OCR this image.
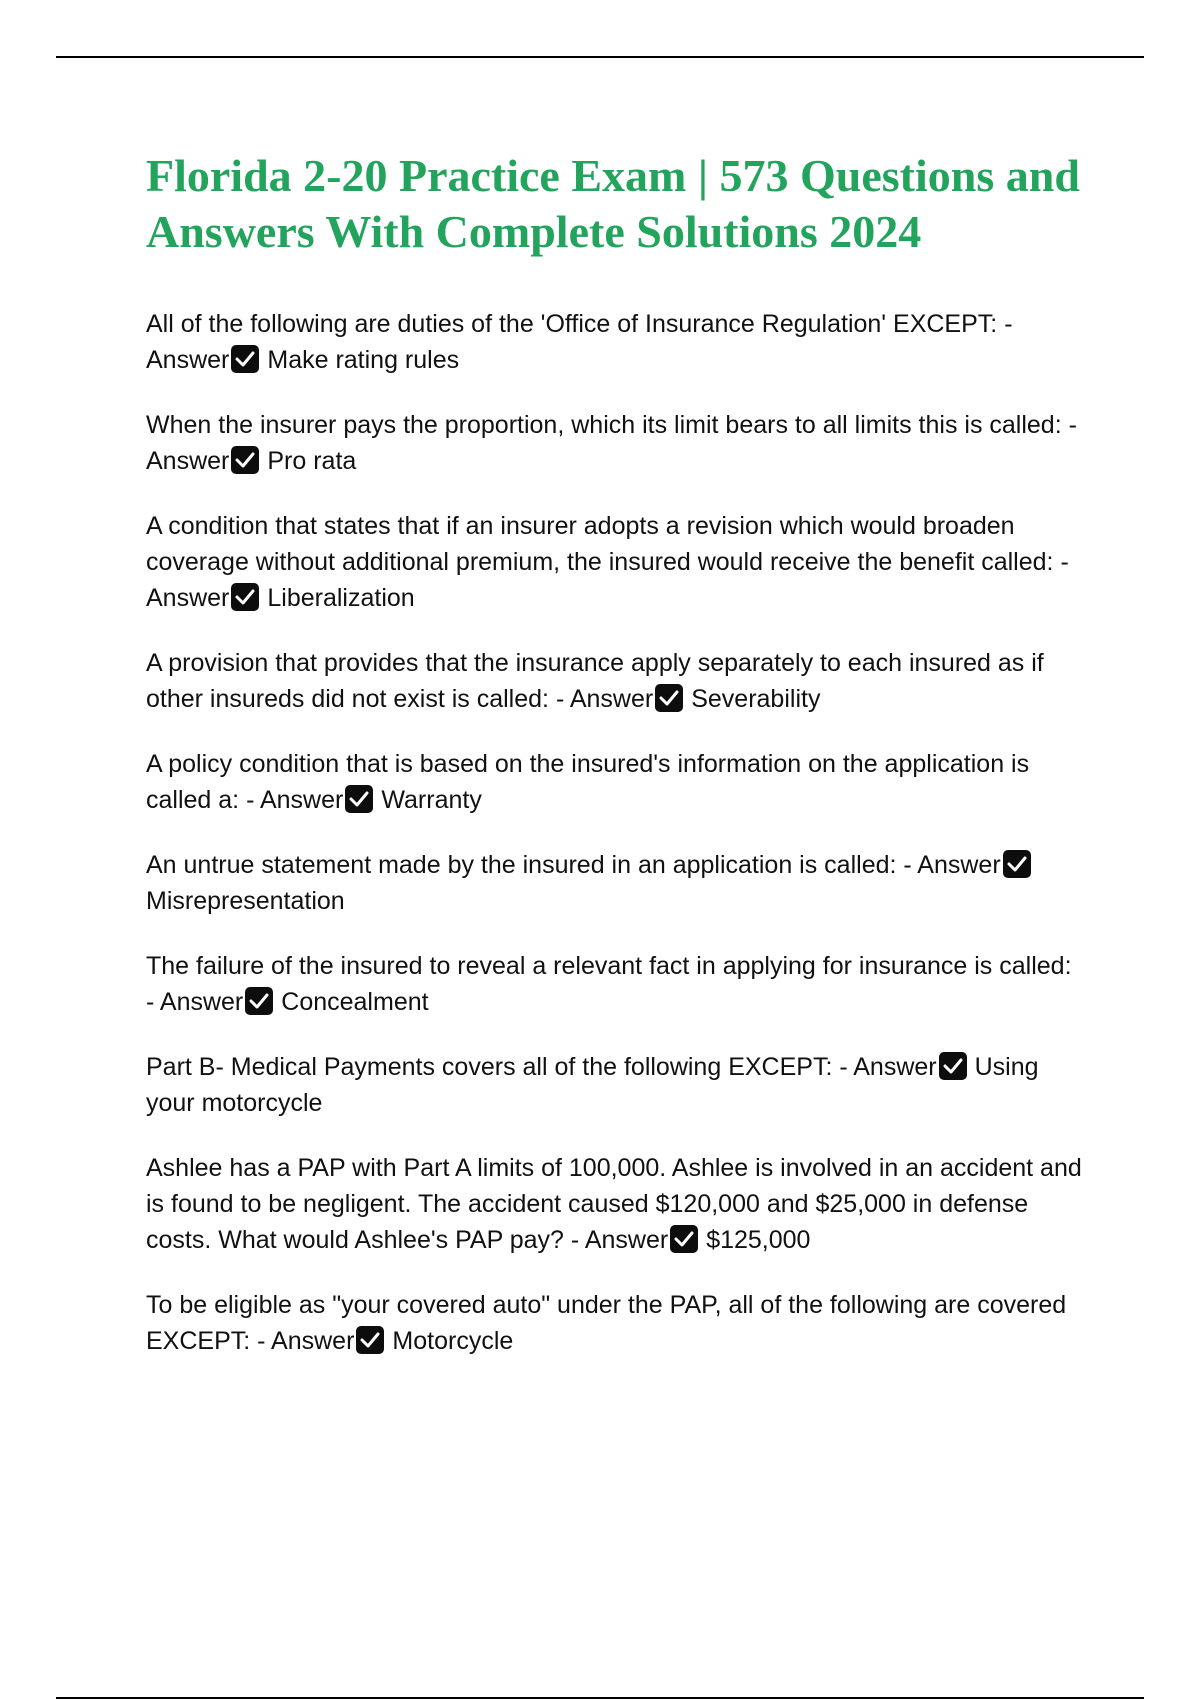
Florida 2-20 Practice Exam | 573 Questions and Answers With Complete Solutions 2024

All of the following are duties of the 'Office of Insurance Regulation' EXCEPT: - Answer Make rating rules

When the insurer pays the proportion, which its limit bears to all limits this is called: - Answer Pro rata

A condition that states that if an insurer adopts a revision which would broaden coverage without additional premium, the insured would receive the benefit called: - Answer Liberalization

A provision that provides that the insurance apply separately to each insured as if other insureds did not exist is called: - Answer Severability

A policy condition that is based on the insured's information on the application is called a: - Answer Warranty

An untrue statement made by the insured in an application is called: - Answer
Misrepresentation

The failure of the insured to reveal a relevant fact in applying for insurance is called: - Answer Concealment

Part B- Medical Payments covers all of the following EXCEPT: - Answer Using your motorcycle

Ashlee has a PAP with Part A limits of 100,000. Ashlee is involved in an accident and is found to be negligent. The accident caused $120,000 and $25,000 in defense costs. What would Ashlee's PAP pay? - Answer $125,000

To be eligible as "your covered auto" under the PAP, all of the following are covered EXCEPT: - Answer Motorcycle
